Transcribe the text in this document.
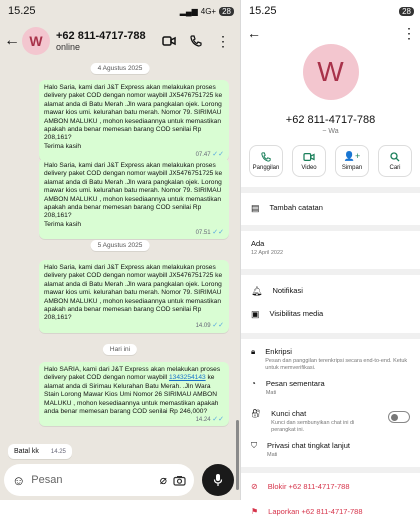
15.25	▂▄▆ 4G+ 28
← W	+62 811-4717-788
online	⋮
4 Agustus 2025
Halo Saria, kami dari J&T Express akan melakukan proses delivery paket COD dengan nomor waybill JX5476751725 ke alamat anda di Batu Merah .Jln wara pangkalan ojek. Lorong mawar kios umi. kelurahan batu merah. Nomor 79. SIRIMAU AMBON MALUKU , mohon kesediaannya untuk memastikan apakah anda benar memesan barang COD senilai Rp 208,161?
Terima kasih
07.47 ✓✓
Halo Saria, kami dari J&T Express akan melakukan proses delivery paket COD dengan nomor waybill JX5476751725 ke alamat anda di Batu Merah .Jln wara pangkalan ojek. Lorong mawar kios umi. kelurahan batu merah. Nomor 79. SIRIMAU AMBON MALUKU , mohon kesediaannya untuk memastikan apakah anda benar memesan barang COD senilai Rp 208,161?
Terima kasih
07.51 ✓✓
5 Agustus 2025
Halo Saria, kami dari J&T Express akan melakukan proses delivery paket COD dengan nomor waybill JX5476751725 ke alamat anda di Batu Merah .Jln wara pangkalan ojek. Lorong mawar kios umi. kelurahan batu merah. Nomor 79. SIRIMAU AMBON MALUKU , mohon kesediaannya untuk memastikan apakah anda benar memesan barang COD senilai Rp 208,161?
14.09 ✓✓
Hari ini
Halo SARIA, kami dari J&T Express akan melakukan proses delivery paket COD dengan nomor waybill 1343254143 ke alamat anda di Sirimau Kelurahan Batu Merah. .Jln Wara Stain Lorong Mawar Kios Umi Nomor 26 SIRIMAU AMBON MALUKU , mohon kesediaannya untuk memastikan apakah anda benar memesan barang COD senilai Rp 246,000?
14.24 ✓✓
Batal kk 14.25
☺ Pesan	⌀
15.25	28
←	⋮
W
+62 811-4717-788
~ Wa
Panggilan	Video
👤+
Simpan	Cari
▤ Tambah catatan
Ada
12 April 2022
🔔︎ Notifikasi
▣ Visibilitas media
🔒︎ Enkripsi
Pesan dan panggilan terenkripsi secara end-to-end. Ketuk untuk memverifikasi.
◔ Pesan sementara
Mati
🔐︎ Kunci chat
Kunci dan sembunyikan chat ini di perangkat ini.
⛉ Privasi chat tingkat lanjut
Mati
⊘ Blokir +62 811-4717-788
⚑ Laporkan +62 811-4717-788
